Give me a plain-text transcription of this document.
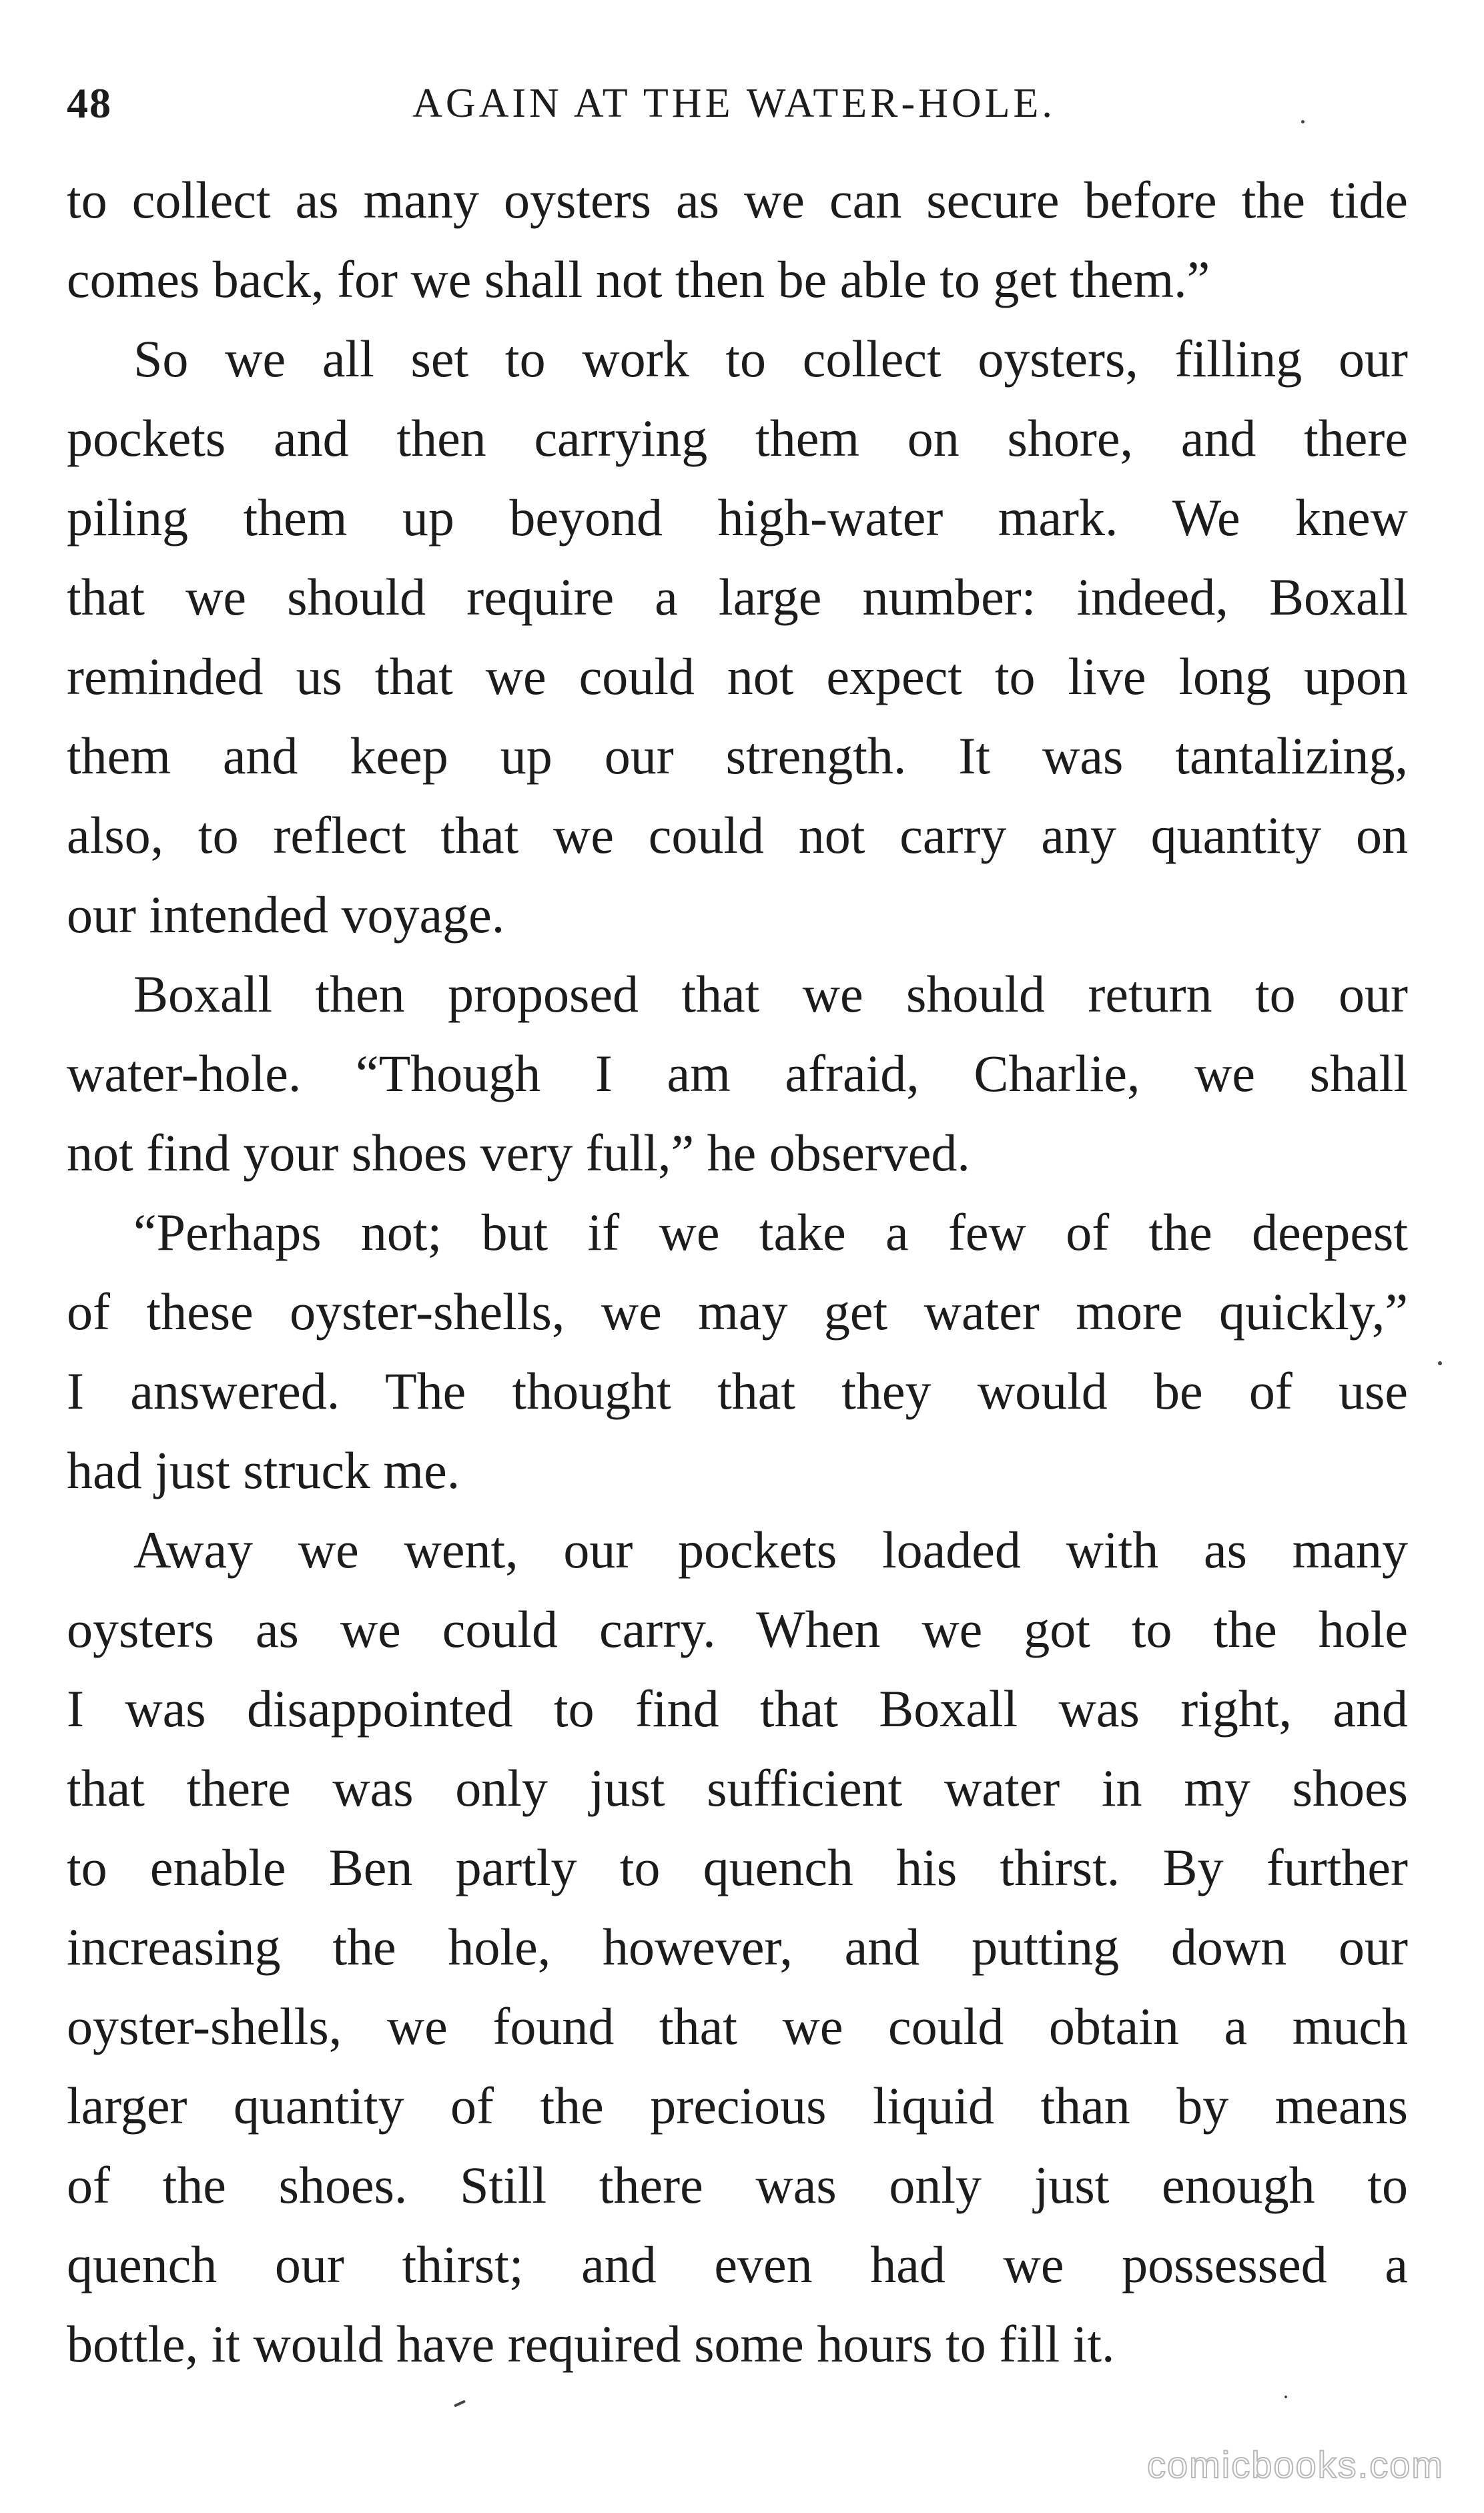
48	AGAIN AT THE WATER-HOLE.
to collect as many oysters as we can secure before the tide
comes back, for we shall not then be able to get them.”
So we all set to work to collect oysters, filling our
pockets and then carrying them on shore, and there
piling them up beyond high-water mark. We knew
that we should require a large number: indeed, Boxall
reminded us that we could not expect to live long upon
them and keep up our strength. It was tantalizing,
also, to reflect that we could not carry any quantity on
our intended voyage.
Boxall then proposed that we should return to our
water-hole. “Though I am afraid, Charlie, we shall
not find your shoes very full,” he observed.
“Perhaps not; but if we take a few of the deepest
of these oyster-shells, we may get water more quickly,”
I answered. The thought that they would be of use
had just struck me.
Away we went, our pockets loaded with as many
oysters as we could carry. When we got to the hole
I was disappointed to find that Boxall was right, and
that there was only just sufficient water in my shoes
to enable Ben partly to quench his thirst. By further
increasing the hole, however, and putting down our
oyster-shells, we found that we could obtain a much
larger quantity of the precious liquid than by means
of the shoes. Still there was only just enough to
quench our thirst; and even had we possessed a
bottle, it would have required some hours to fill it.
comicbooks.com
